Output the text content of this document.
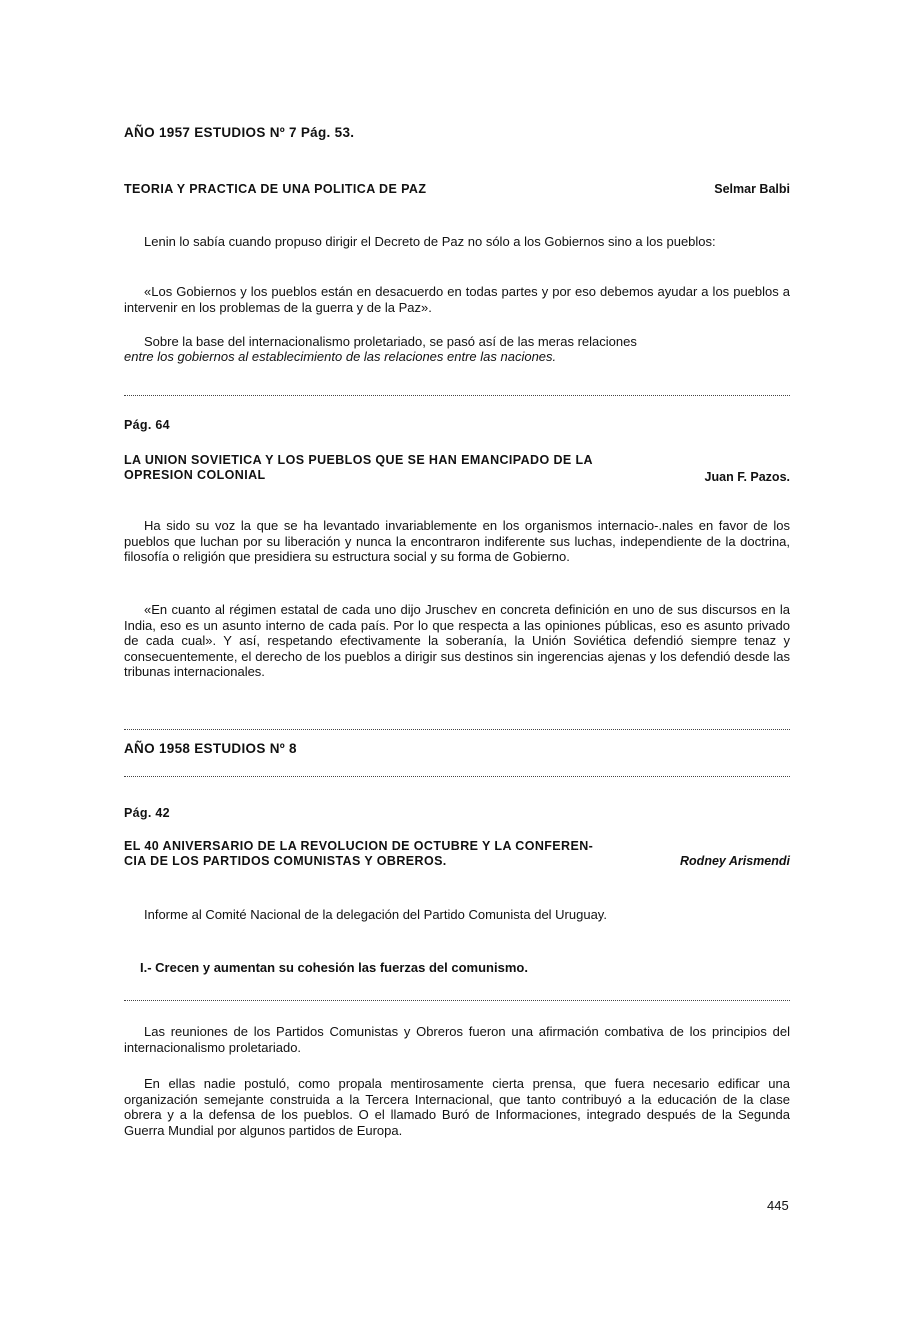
AÑO 1957 ESTUDIOS Nº 7 Pág. 53.
TEORIA Y PRACTICA DE UNA POLITICA DE PAZ	Selmar Balbi
Lenin lo sabía cuando propuso dirigir el Decreto de Paz no sólo a los Gobiernos sino a los pueblos:
«Los Gobiernos y los pueblos están en desacuerdo en todas partes y por eso debemos ayudar a los pueblos a intervenir en los problemas de la guerra y de la Paz».
Sobre la base del internacionalismo proletariado, se pasó así de las meras relaciones
entre los gobiernos al establecimiento de las relaciones entre las naciones.
Pág. 64
LA UNION SOVIETICA Y LOS PUEBLOS QUE SE HAN EMANCIPADO DE LA
OPRESION COLONIAL	Juan F. Pazos.
Ha sido su voz la que se ha levantado invariablemente en los organismos internacio-.nales en favor de los pueblos que luchan por su liberación y nunca la encontraron indiferente sus luchas, independiente de la doctrina, filosofía o religión que presidiera su estructura social y su forma de Gobierno.
«En cuanto al régimen estatal de cada uno dijo Jruschev en concreta definición en uno de sus discursos en la India, eso es un asunto interno de cada país. Por lo que respecta a las opiniones públicas, eso es asunto privado de cada cual». Y así, respetando efectivamente la soberanía, la Unión Soviética defendió siempre tenaz y consecuentemente, el derecho de los pueblos a dirigir sus destinos sin ingerencias ajenas y los defendió desde las tribunas internacionales.
AÑO 1958 ESTUDIOS Nº 8
Pág. 42
EL 40 ANIVERSARIO DE LA REVOLUCION DE OCTUBRE Y LA CONFEREN-
CIA DE LOS PARTIDOS COMUNISTAS Y OBREROS.	Rodney Arismendi
Informe al Comité Nacional de la delegación del Partido Comunista del Uruguay.
I.- Crecen y aumentan su cohesión las fuerzas del comunismo.
Las reuniones de los Partidos Comunistas y Obreros fueron una afirmación combativa de los principios del internacionalismo proletariado.
En ellas nadie postuló, como propala mentirosamente cierta prensa, que fuera necesario edificar una organización semejante construida a la Tercera Internacional, que tanto contribuyó a la educación de la clase obrera y a la defensa de los pueblos. O el llamado Buró de Informaciones, integrado después de la Segunda Guerra Mundial por algunos partidos de Europa.
445
